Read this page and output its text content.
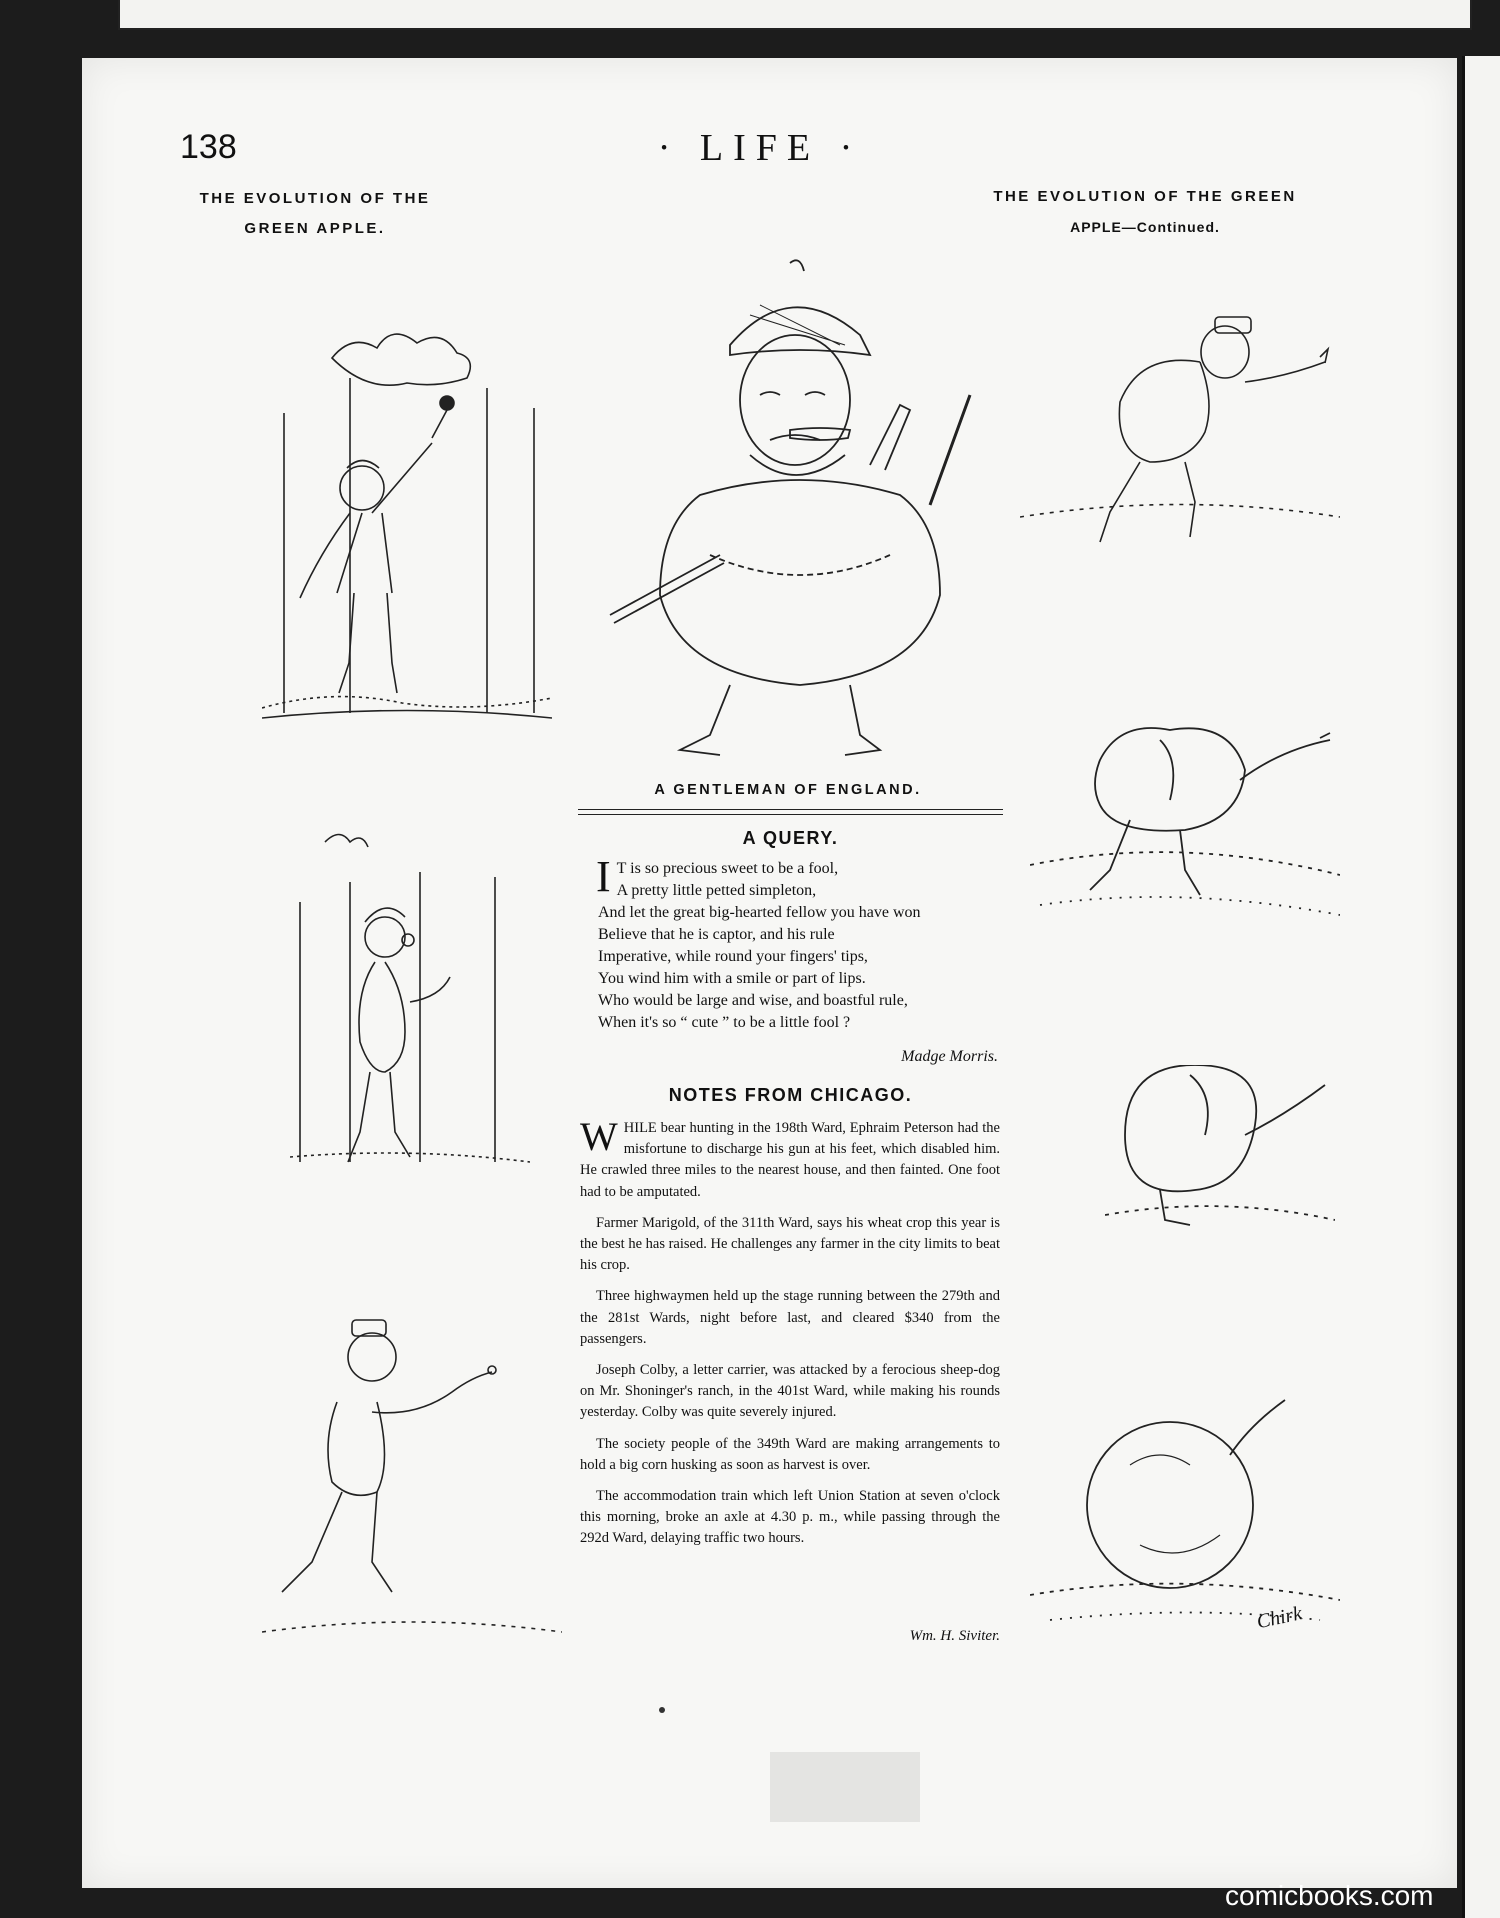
138	· LIFE ·
THE EVOLUTION OF THE
GREEN APPLE.
THE EVOLUTION OF THE GREEN
APPLE—Continued.
A GENTLEMAN OF ENGLAND.
A QUERY.
I T is so precious sweet to be a fool,
A pretty little petted simpleton,
And let the great big-hearted fellow you have won
Believe that he is captor, and his rule
Imperative, while round your fingers' tips,
You wind him with a smile or part of lips.
Who would be large and wise, and boastful rule,
When it's so “ cute ” to be a little fool ?
Madge Morris.
NOTES FROM CHICAGO.

WHILE bear hunting in the 198th Ward, Ephraim Peterson had the misfortune to discharge his gun at his feet, which disabled him. He crawled three miles to the nearest house, and then fainted. One foot had to be amputated.

Farmer Marigold, of the 311th Ward, says his wheat crop this year is the best he has raised. He challenges any farmer in the city limits to beat his crop.

Three highwaymen held up the stage running between the 279th and the 281st Wards, night before last, and cleared $340 from the passengers.

Joseph Colby, a letter carrier, was attacked by a ferocious sheep-dog on Mr. Shoninger's ranch, in the 401st Ward, while making his rounds yesterday. Colby was quite severely injured.

The society people of the 349th Ward are making arrangements to hold a big corn husking as soon as harvest is over.

The accommodation train which left Union Station at seven o'clock this morning, broke an axle at 4.30 p. m., while passing through the 292d Ward, delaying traffic two hours.

Wm. H. Siviter.
Chirk
comicbooks.com
